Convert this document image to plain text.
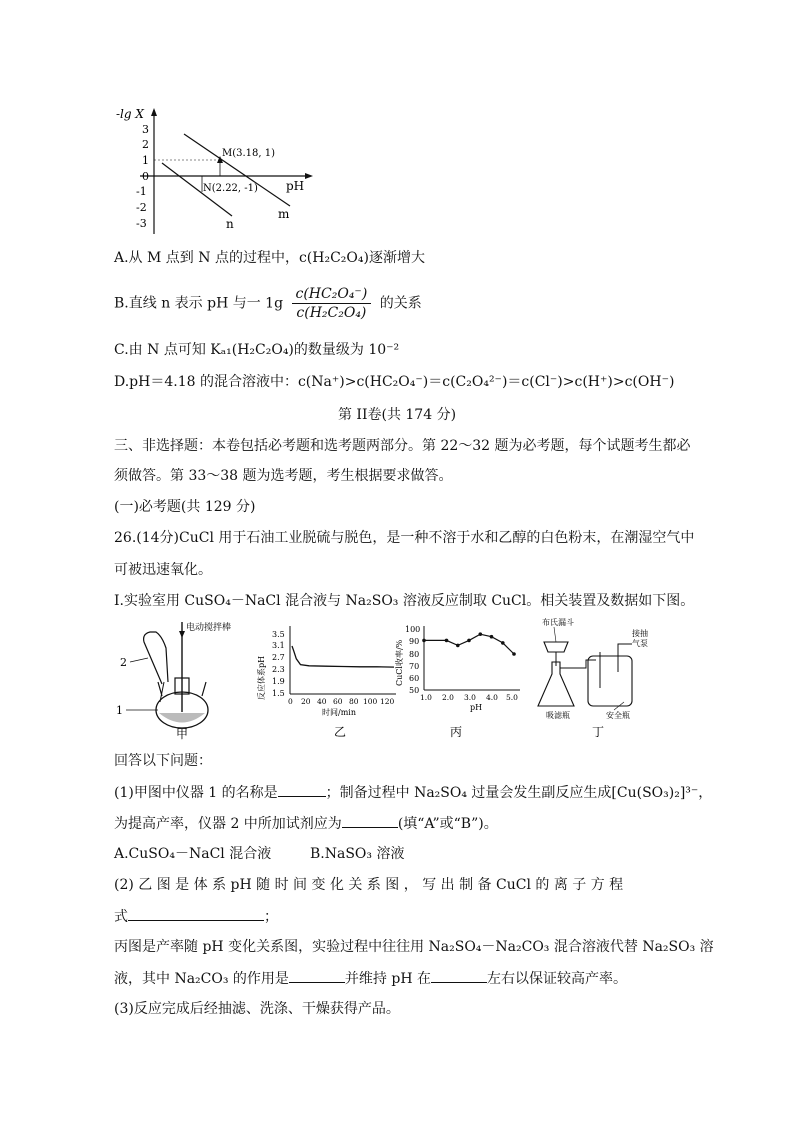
-lg X
pH
3
2
1
0
-1
-2
-3
M(3.18, 1)
N(2.22, -1)
m
n
A.从 M 点到 N 点的过程中，c(H₂C₂O₄)逐渐增大
B.直线 n 表示 pH 与一 $1g \frac{\text{c(HC₂O₄⁻)}}{\text{c(H₂C₂O₄)}}$ 的关系
C.由 N 点可知 Kₐ₁(H₂C₂O₄)的数量级为 10⁻²
D.pH＝4.18 的混合溶液中：c(Na⁺)>c(HC₂O₄⁻)＝c(C₂O₄²⁻)＝c(Cl⁻)>c(H⁺)>c(OH⁻)
第 II卷(共 174 分)
三、非选择题：本卷包括必考题和选考题两部分。第 22～32 题为必考题，每个试题考生都必
须做答。第 33～38 题为选考题，考生根据要求做答。
(一)必考题(共 129 分)
26.(14分)CuCl 用于石油工业脱硫与脱色，是一种不溶于水和乙醇的白色粉末，在潮湿空气中
可被迅速氧化。
Ⅰ.实验室用 CuSO₄－NaCl 混合液与 Na₂SO₃ 溶液反应制取 CuCl。相关装置及数据如下图。
电动搅拌棒
2
1
甲
反应体系pH
3.5
3.1
2.7
2.3
1.9
1.5
0 20 40 60 80 100 120
时间/min
乙
CuCl收率/%
100
90
80
70
60
50
1.0 2.0 3.0 4.0 5.0
pH
丙
布氏漏斗
接抽
气泵
吸滤瓶	安全瓶
丁
回答以下问题：
(1)甲图中仪器 1 的名称是	；制备过程中 Na₂SO₄ 过量会发生副反应生成[Cu(SO₃)₂]³⁻，
为提高产率，仪器 2 中所加试剂应为	(填“A”或“B”)。
A.CuSO₄－NaCl 混合液	B.NaSO₃ 溶液
(2) 乙 图 是 体 系 pH 随 时 间 变 化 关 系 图 ， 写 出 制 备 CuCl 的 离 子 方 程
式	；
丙图是产率随 pH 变化关系图，实验过程中往往用 Na₂SO₄－Na₂CO₃ 混合溶液代替 Na₂SO₃ 溶
液，其中 Na₂CO₃ 的作用是	并维持 pH 在	左右以保证较高产率。
(3)反应完成后经抽滤、洗涤、干燥获得产品。
